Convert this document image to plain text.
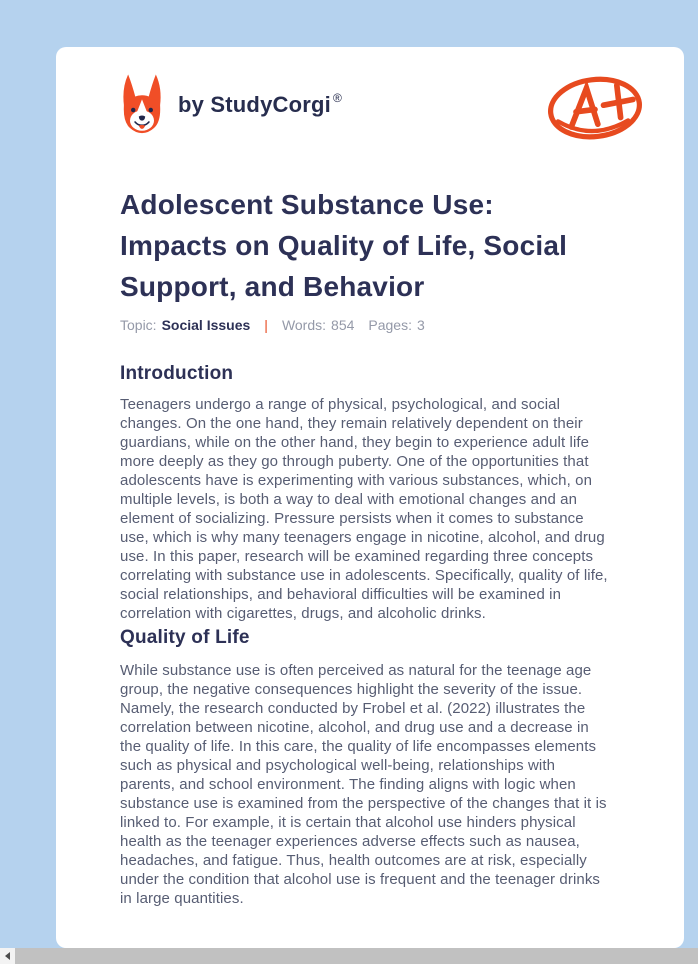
by StudyCorgi ®
Adolescent Substance Use: Impacts on Quality of Life, Social Support, and Behavior
Topic: Social Issues | Words: 854 Pages: 3
Introduction

Teenagers undergo a range of physical, psychological, and social changes. On the one hand, they remain relatively dependent on their guardians, while on the other hand, they begin to experience adult life more deeply as they go through puberty. One of the opportunities that adolescents have is experimenting with various substances, which, on multiple levels, is both a way to deal with emotional changes and an element of socializing. Pressure persists when it comes to substance use, which is why many teenagers engage in nicotine, alcohol, and drug use. In this paper, research will be examined regarding three concepts correlating with substance use in adolescents. Specifically, quality of life, social relationships, and behavioral difficulties will be examined in correlation with cigarettes, drugs, and alcoholic drinks.

Quality of Life

While substance use is often perceived as natural for the teenage age group, the negative consequences highlight the severity of the issue. Namely, the research conducted by Frobel et al. (2022) illustrates the correlation between nicotine, alcohol, and drug use and a decrease in the quality of life. In this care, the quality of life encompasses elements such as physical and psychological well-being, relationships with parents, and school environment. The finding aligns with logic when substance use is examined from the perspective of the changes that it is linked to. For example, it is certain that alcohol use hinders physical health as the teenager experiences adverse effects such as nausea, headaches, and fatigue. Thus, health outcomes are at risk, especially under the condition that alcohol use is frequent and the teenager drinks in large quantities.
